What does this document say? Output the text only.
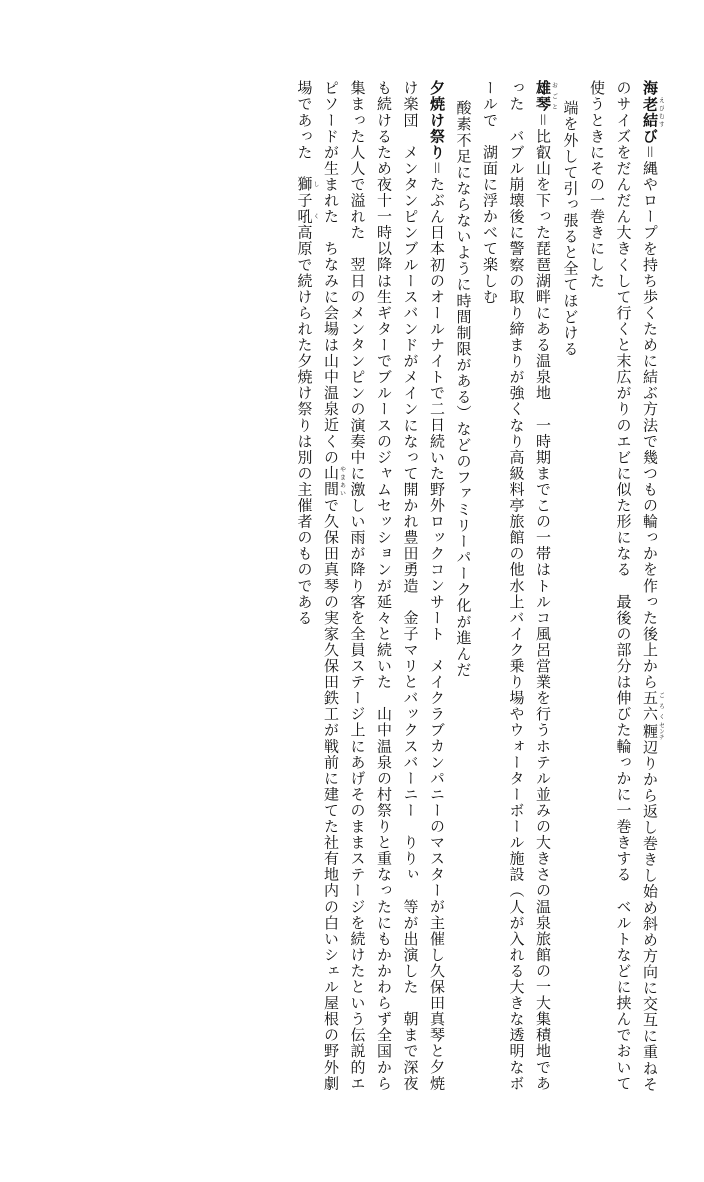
海老えび結むすび＝縄やロープを持ち歩くために結ぶ方法で幾つもの輪っかを作った後上から五六ごろく糎センチ辺りから返し巻きし始め斜め方向に交互に重ねそのサイズをだんだん大きくして行くと末広がりのエビに似た形になる　最後の部分は伸びた輪っかに一巻きする　ベルトなどに挟んでおいて使うときにその一巻きにした

端を外して引っ張ると全てほどける

雄琴おごと＝比叡山を下った琵琶湖畔にある温泉地　一時期までこの一帯はトルコ風呂営業を行うホテル並みの大きさの温泉旅館の一大集積地であった　バブル崩壊後に警察の取り締まりが強くなり高級料亭旅館の他水上バイク乗り場やウォーターボール施設（人が入れる大きな透明なボールで　湖面に浮かべて楽しむ

酸素不足にならないように時間制限がある）などのファミリーパーク化が進んだ

夕焼け祭り＝たぶん日本初のオールナイトで二日続いた野外ロックコンサート　メイクラブカンパニーのマスターが主催し久保田真琴と夕焼け楽団　メンタンピンブルースバンドがメインになって開かれ豊田勇造　金子マリとバックスバーニー　りりぃ　等が出演した　朝まで深夜も続けるため夜十一時以降は生ギターでブルースのジャムセッションが延々と続いた　山中温泉の村祭りと重なったにもかかわらず全国から集まった人人で溢れた　翌日のメンタンピンの演奏中に激しい雨が降り客を全員ステージ上にあげそのままステージを続けたという伝説的エピソードが生まれた　ちなみに会場は山中温泉近くの山間やまあいで久保田真琴の実家久保田鉄工が戦前に建てた社有地内の白いシェル屋根の野外劇場であった　獅し子吼く高原で続けられた夕焼け祭りは別の主催者のものである
